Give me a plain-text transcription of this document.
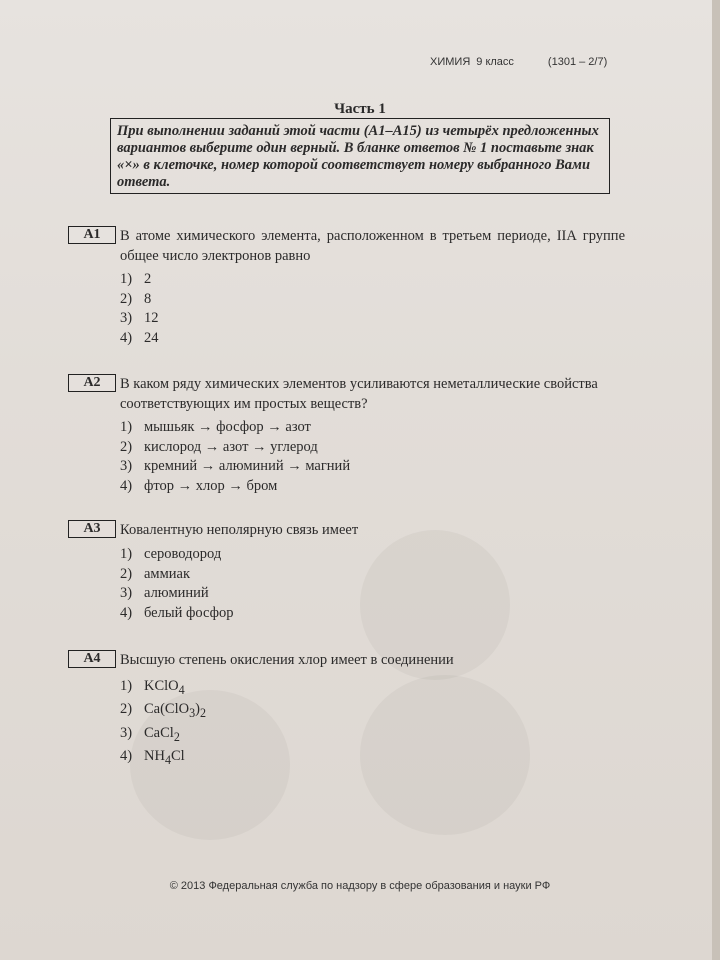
ХИМИЯ 9 класс	(1301 – 2/7)
Часть 1
При выполнении заданий этой части (А1–А15) из четырёх предложенных вариантов выберите один верный. В бланке ответов № 1 поставьте знак «×» в клеточке, номер которой соответствует номеру выбранного Вами ответа.
А1	В атоме химического элемента, расположенном в третьем периоде, IIА группе общее число электронов равно
1) 2
2) 8
3) 12
4) 24
А2	В каком ряду химических элементов усиливаются неметаллические свойства соответствующих им простых веществ?
1) мышьяк → фосфор → азот
2) кислород → азот → углерод
3) кремний → алюминий → магний
4) фтор → хлор → бром
А3	Ковалентную неполярную связь имеет
1) сероводород
2) аммиак
3) алюминий
4) белый фосфор
А4	Высшую степень окисления хлор имеет в соединении
1) KClO$_4$
2) $Ca(ClO_3)_2$
3) CaCl$_2$
4) $NH_4Cl$
© 2013 Федеральная служба по надзору в сфере образования и науки РФ
